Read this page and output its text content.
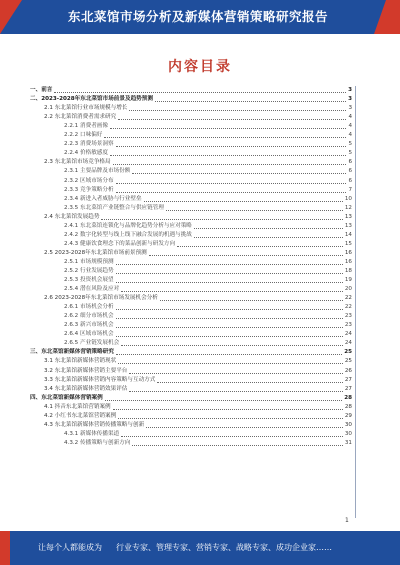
东北菜馆市场分析及新媒体营销策略研究报告
内容目录
一、前言	3
二、2023-2028年东北菜馆市场前景及趋势预测	3
2.1 东北菜馆行业市场规模与增长	3
2.2 东北菜馆消费者需求研究	4
2.2.1 消费者画像	4
2.2.2 口味偏好	4
2.2.3 消费场景洞察	5
2.2.4 价格敏感度	5
2.3 东北菜馆市场竞争格局	6
2.3.1 主要品牌及市场份额	6
2.3.2 区域市场分布	6
2.3.3 竞争策略分析	7
2.3.4 新进入者威胁与行业壁垒	10
2.3.5 东北菜馆产业链整合与供应链管理	12
2.4 东北菜馆发展趋势	13
2.4.1 东北菜馆连锁化与品牌化趋势分析与应对策略	13
2.4.2 数字化转型与线上线下融合发展的机遇与挑战	14
2.4.3 健康饮食理念下的菜品创新与研发方向	15
2.5 2023-2028年东北菜馆市场前景预测	16
2.5.1 市场规模预测	16
2.5.2 行业发展趋势	18
2.5.3 投资机会展望	19
2.5.4 潜在风险及应对	20
2.6 2023-2028年东北菜馆市场发展机会分析	22
2.6.1 市场机会分析	22
2.6.2 细分市场机会	23
2.6.3 新兴市场机会	23
2.6.4 区域市场机会	24
2.6.5 产业链发展机会	24
三、东北菜馆新媒体营销策略研究	25
3.1 东北菜馆新媒体营销现状	25
3.2 东北菜馆新媒体营销主要平台	26
3.3 东北菜馆新媒体营销内容策略与互动方式	27
3.4 东北菜馆新媒体营销效果评估	27
四、东北菜馆新媒体营销案例	28
4.1 抖音东北菜馆营销案例	28
4.2 小红书东北菜馆营销案例	29
4.3 东北菜馆新媒体营销传播策略与创新	30
4.3.1 新媒体传播渠道	30
4.3.2 传播策略与创新方向	31
1
让每个人都能成为 行业专家、管理专家、营销专家、战略专家、成功企业家……
